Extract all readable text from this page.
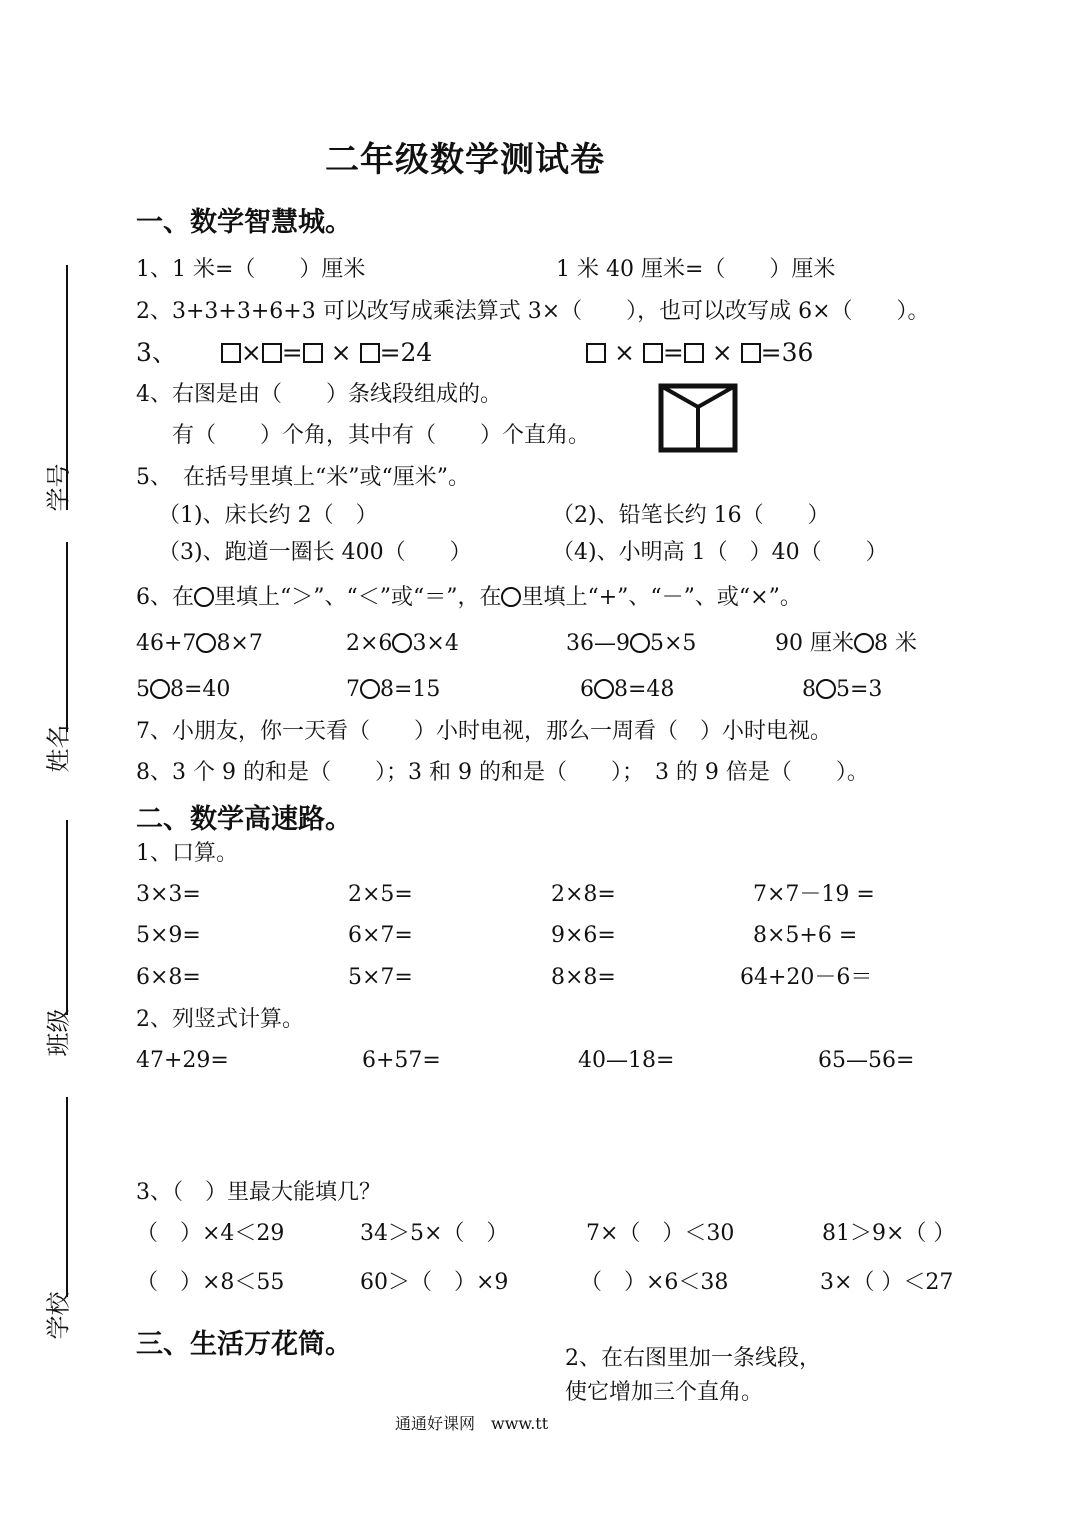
学号
姓名
班级
学校
二年级数学测试卷
一、数学智慧城。
1、1 米=（　　）厘米	1 米 40 厘米=（　　）厘米
2、3+3+3+6+3 可以改写成乘法算式 3×（　　），也可以改写成 6×（　　）。
3、	× = × =24	× = × =36
4、右图是由（　　）条线段组成的。
有（　　）个角，其中有（　　）个直角。
5、　在括号里填上“米”或“厘米”。
（1)、床长约 2（　）	（2)、铅笔长约 16（　　）
（3)、跑道一圈长 400（　　）	（4)、小明高 1（　）40（　　）
6、在 里填上“＞”、“＜”或“＝”，在 里填上“+”、“－”、或“×”。
46+7 8×7	2×6 3×4	36—9 5×5	90 厘米 8 米
5 8=40	7 8=15	6 8=48	8 5=3
7、小朋友，你一天看（　　）小时电视，那么一周看（　）小时电视。
8、3 个 9 的和是（　　）；3 和 9 的和是（　　）；　3 的 9 倍是（　　）。
二、数学高速路。
1、口算。
3×3=	2×5=	2×8=	7×7－19 =
5×9=	6×7=	9×6=	8×5+6 =
6×8=	5×7=	8×8=	64+20－6＝
2、列竖式计算。
47+29=	6+57=	40—18=	65—56=
3、（　）里最大能填几？
（　）×4＜29	34＞5×（　）	7×（　）＜30	81＞9×（ ）
（　）×8＜55	60＞（　）×9	（　）×6＜38	3×（ ）＜27
三、生活万花筒。	2、在右图里加一条线段，
使它增加三个直角。
通通好课网　www.tt
